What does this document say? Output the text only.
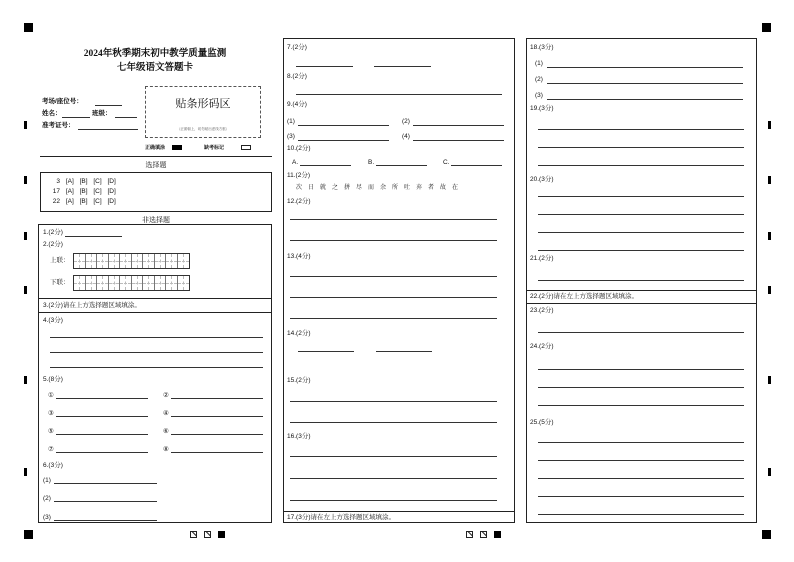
2024年秋季期末初中教学质量监测
七年级语文答题卡
考场/座位号：
姓名：	班级：
准考证号：
贴条形码区
（正面朝上，切勿贴出虚线方框）
正确填涂	缺考标记
选择题
3 [A] [B] [C] [D]
17 [A] [B] [C] [D]
22 [A] [B] [C] [D]
非选择题
1.(2分)
2.(2分)
上联：
下联：
3.(2分)请在上方选择题区域填涂。
4.(3分)
5.(8分)
①	②
③	④
⑤	⑥
⑦	⑧
6.(3分)
(1)
(2)
(3)
7.(2分)
8.(2分)
9.(4分)
(1)	(2)
(3)	(4)
10.(2分)
A.	B.	C.
11.(2分)
次日就之拼尽而余所吐弃者故在
12.(2分)
13.(4分)
14.(2分)
15.(2分)
16.(3分)
17.(3分)请在左上方选择题区域填涂。
18.(3分)
(1)
(2)
(3)
19.(3分)
20.(3分)
21.(2分)
22.(2分)请在左上方选择题区域填涂。
23.(2分)
24.(2分)
25.(5分)
